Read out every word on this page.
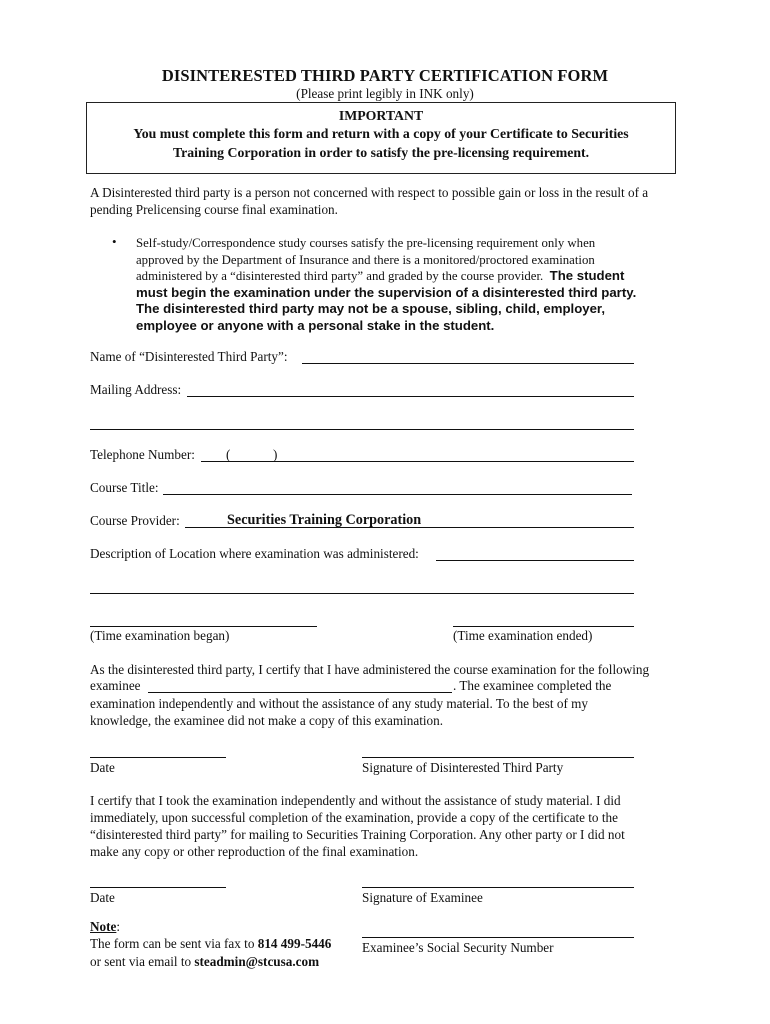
DISINTERESTED THIRD PARTY CERTIFICATION FORM
(Please print legibly in INK only)
IMPORTANT
You must complete this form and return with a copy of your Certificate to Securities
Training Corporation in order to satisfy the pre-licensing requirement.
A Disinterested third party is a person not concerned with respect to possible gain or loss in the result of a
pending Prelicensing course final examination.
• Self-study/Correspondence study courses satisfy the pre-licensing requirement only when
approved by the Department of Insurance and there is a monitored/proctored examination
administered by a “disinterested third party” and graded by the course provider. The student
must begin the examination under the supervision of a disinterested third party.
The disinterested third party may not be a spouse, sibling, child, employer,
employee or anyone with a personal stake in the student.
Name of “Disinterested Third Party”:
Mailing Address:
Telephone Number: (	)
Course Title:
Course Provider:	Securities Training Corporation
Description of Location where examination was administered:
(Time examination began)	(Time examination ended)
As the disinterested third party, I certify that I have administered the course examination for the following
examinee	. The examinee completed the
examination independently and without the assistance of any study material. To the best of my
knowledge, the examinee did not make a copy of this examination.
Date	Signature of Disinterested Third Party
I certify that I took the examination independently and without the assistance of study material. I did
immediately, upon successful completion of the examination, provide a copy of the certificate to the
“disinterested third party” for mailing to Securities Training Corporation. Any other party or I did not
make any copy or other reproduction of the final examination.
Date	Signature of Examinee
Note:
The form can be sent via fax to 814 499-5446
or sent via email to steadmin@stcusa.com
Examinee’s Social Security Number
